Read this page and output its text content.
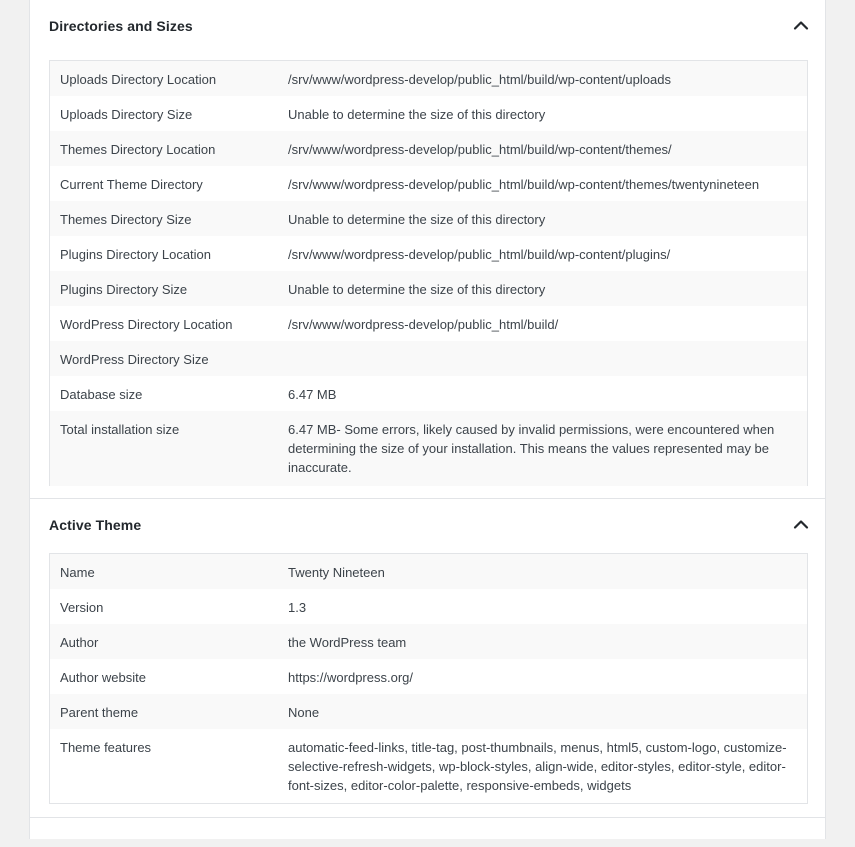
Directories and Sizes
Uploads Directory Location	/srv/www/wordpress-develop/public_html/build/wp-content/uploads
Uploads Directory Size	Unable to determine the size of this directory
Themes Directory Location	/srv/www/wordpress-develop/public_html/build/wp-content/themes/
Current Theme Directory	/srv/www/wordpress-develop/public_html/build/wp-content/themes/twentynineteen
Themes Directory Size	Unable to determine the size of this directory
Plugins Directory Location	/srv/www/wordpress-develop/public_html/build/wp-content/plugins/
Plugins Directory Size	Unable to determine the size of this directory
WordPress Directory Location	/srv/www/wordpress-develop/public_html/build/
WordPress Directory Size
Database size	6.47 MB
Total installation size	6.47 MB- Some errors, likely caused by invalid permissions, were encountered when determining the size of your installation. This means the values represented may be inaccurate.
Active Theme
Name	Twenty Nineteen
Version	1.3
Author	the WordPress team
Author website	https://wordpress.org/
Parent theme	None
Theme features	automatic-feed-links, title-tag, post-thumbnails, menus, html5, custom-logo, customize-selective-refresh-widgets, wp-block-styles, align-wide, editor-styles, editor-style, editor-font-sizes, editor-color-palette, responsive-embeds, widgets
